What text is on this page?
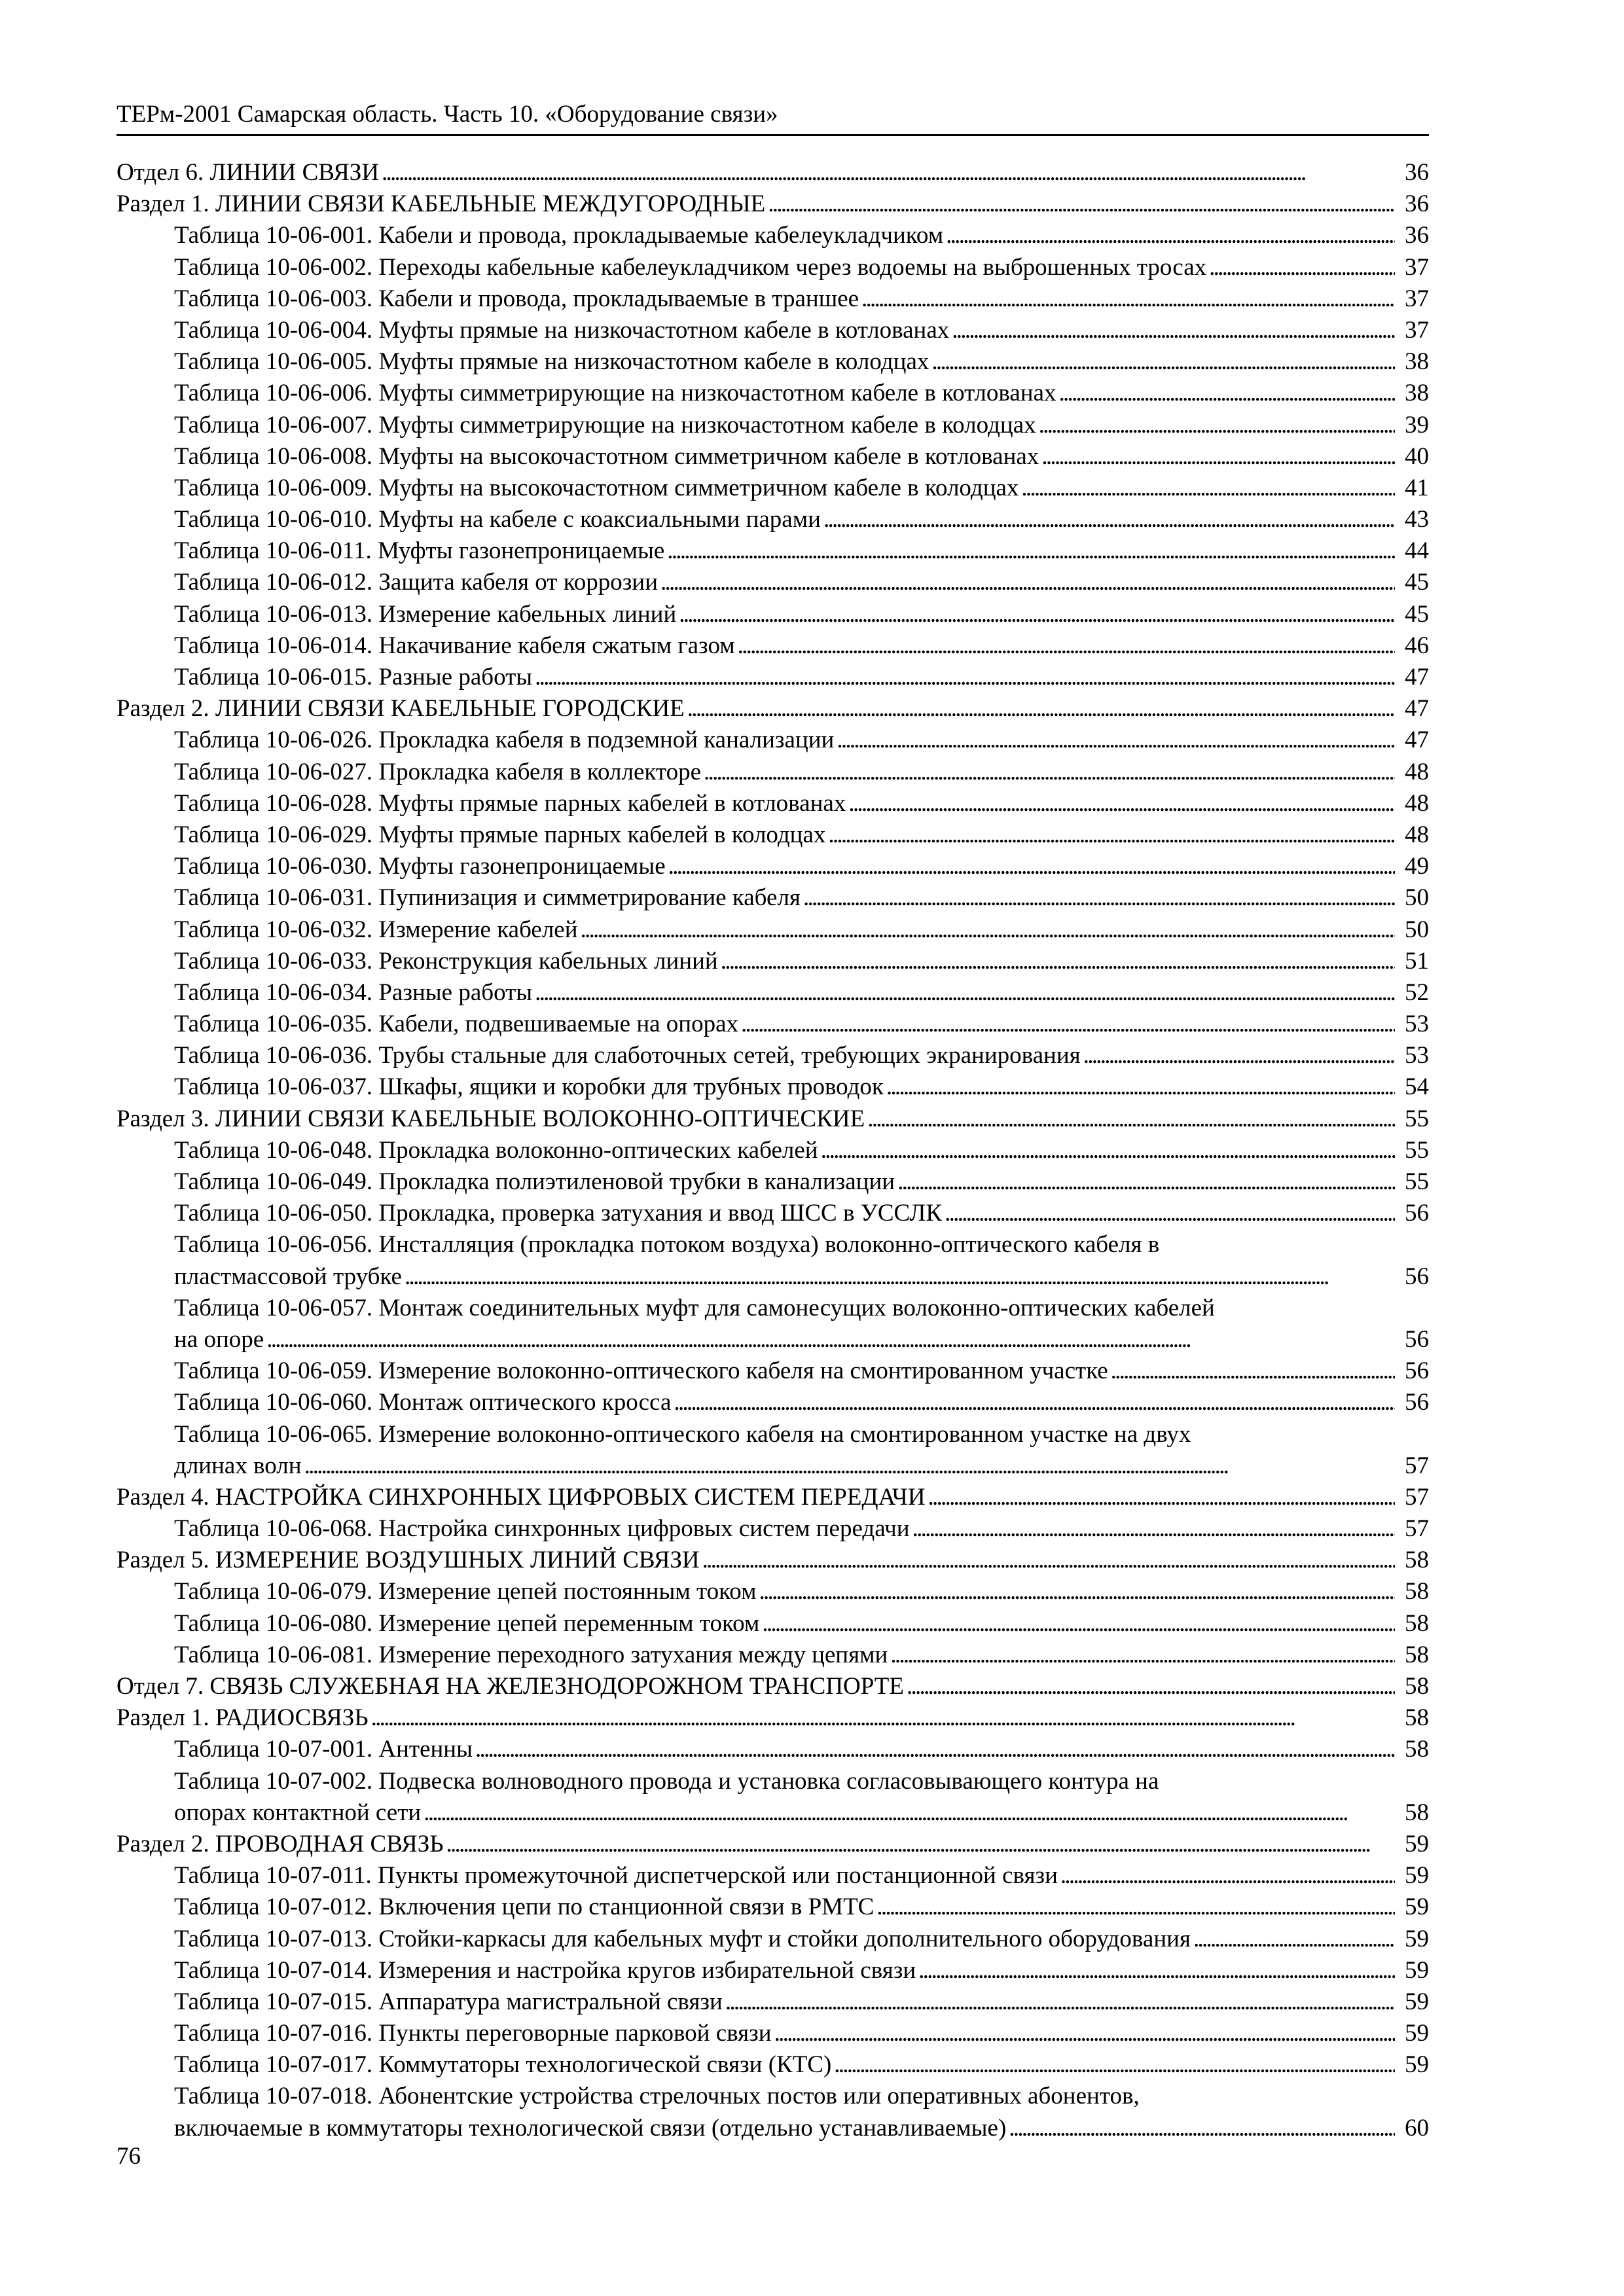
ТЕРм-2001 Самарская область. Часть 10. «Оборудование связи»
Отдел 6. ЛИНИИ СВЯЗИ . . .	36
Раздел 1. ЛИНИИ СВЯЗИ КАБЕЛЬНЫЕ МЕЖДУГОРОДНЫЕ . . .	36
Таблица 10-06-001. Кабели и провода, прокладываемые кабелеукладчиком . . .	36
Таблица 10-06-002. Переходы кабельные кабелеукладчиком через водоемы на выброшенных тросах . . .	37
Таблица 10-06-003. Кабели и провода, прокладываемые в траншее . . .	37
Таблица 10-06-004. Муфты прямые на низкочастотном кабеле в котлованах . . .	37
Таблица 10-06-005. Муфты прямые на низкочастотном кабеле в колодцах . . .	38
Таблица 10-06-006. Муфты симметрирующие на низкочастотном кабеле в котлованах . . .	38
Таблица 10-06-007. Муфты симметрирующие на низкочастотном кабеле в колодцах . . .	39
Таблица 10-06-008. Муфты на высокочастотном симметричном кабеле в котлованах . . .	40
Таблица 10-06-009. Муфты на высокочастотном симметричном кабеле в колодцах . . .	41
Таблица 10-06-010. Муфты на кабеле с коаксиальными парами . . .	43
Таблица 10-06-011. Муфты газонепроницаемые . . .	44
Таблица 10-06-012. Защита кабеля от коррозии . . .	45
Таблица 10-06-013. Измерение кабельных линий . . .	45
Таблица 10-06-014. Накачивание кабеля сжатым газом . . .	46
Таблица 10-06-015. Разные работы . . .	47
Раздел 2. ЛИНИИ СВЯЗИ КАБЕЛЬНЫЕ ГОРОДСКИЕ . . .	47
Таблица 10-06-026. Прокладка кабеля в подземной канализации . . .	47
Таблица 10-06-027. Прокладка кабеля в коллекторе . . .	48
Таблица 10-06-028. Муфты прямые парных кабелей в котлованах . . .	48
Таблица 10-06-029. Муфты прямые парных кабелей в колодцах . . .	48
Таблица 10-06-030. Муфты газонепроницаемые . . .	49
Таблица 10-06-031. Пупинизация и симметрирование кабеля . . .	50
Таблица 10-06-032. Измерение кабелей . . .	50
Таблица 10-06-033. Реконструкция кабельных линий . . .	51
Таблица 10-06-034. Разные работы . . .	52
Таблица 10-06-035. Кабели, подвешиваемые на опорах . . .	53
Таблица 10-06-036. Трубы стальные для слаботочных сетей, требующих экранирования . . .	53
Таблица 10-06-037. Шкафы, ящики и коробки для трубных проводок . . .	54
Раздел 3. ЛИНИИ СВЯЗИ КАБЕЛЬНЫЕ ВОЛОКОННО-ОПТИЧЕСКИЕ . . .	55
Таблица 10-06-048. Прокладка волоконно-оптических кабелей . . .	55
Таблица 10-06-049. Прокладка полиэтиленовой трубки в канализации . . .	55
Таблица 10-06-050. Прокладка, проверка затухания и ввод ШСС в УССЛК . . .	56
Таблица 10-06-056. Инсталляция (прокладка потоком воздуха) волоконно-оптического кабеля в
пластмассовой трубке . . .	56
Таблица 10-06-057. Монтаж соединительных муфт для самонесущих волоконно-оптических кабелей
на опоре . . .	56
Таблица 10-06-059. Измерение волоконно-оптического кабеля на смонтированном участке . . .	56
Таблица 10-06-060. Монтаж оптического кросса . . .	56
Таблица 10-06-065. Измерение волоконно-оптического кабеля на смонтированном участке на двух
длинах волн . . .	57
Раздел 4. НАСТРОЙКА СИНХРОННЫХ ЦИФРОВЫХ СИСТЕМ ПЕРЕДАЧИ . . .	57
Таблица 10-06-068. Настройка синхронных цифровых систем передачи . . .	57
Раздел 5. ИЗМЕРЕНИЕ ВОЗДУШНЫХ ЛИНИЙ СВЯЗИ . . .	58
Таблица 10-06-079. Измерение цепей постоянным током . . .	58
Таблица 10-06-080. Измерение цепей переменным током . . .	58
Таблица 10-06-081. Измерение переходного затухания между цепями . . .	58
Отдел 7. СВЯЗЬ СЛУЖЕБНАЯ НА ЖЕЛЕЗНОДОРОЖНОМ ТРАНСПОРТЕ . . .	58
Раздел 1. РАДИОСВЯЗЬ . . .	58
Таблица 10-07-001. Антенны . . .	58
Таблица 10-07-002. Подвеска волноводного провода и установка согласовывающего контура на
опорах контактной сети . . .	58
Раздел 2. ПРОВОДНАЯ СВЯЗЬ . . .	59
Таблица 10-07-011. Пункты промежуточной диспетчерской или постанционной связи . . .	59
Таблица 10-07-012. Включения цепи по станционной связи в РМТС . . .	59
Таблица 10-07-013. Стойки-каркасы для кабельных муфт и стойки дополнительного оборудования . . .	59
Таблица 10-07-014. Измерения и настройка кругов избирательной связи . . .	59
Таблица 10-07-015. Аппаратура магистральной связи . . .	59
Таблица 10-07-016. Пункты переговорные парковой связи . . .	59
Таблица 10-07-017. Коммутаторы технологической связи (КТС) . . .	59
Таблица 10-07-018. Абонентские устройства стрелочных постов или оперативных абонентов,
включаемые в коммутаторы технологической связи (отдельно устанавливаемые) . . .	60
76
